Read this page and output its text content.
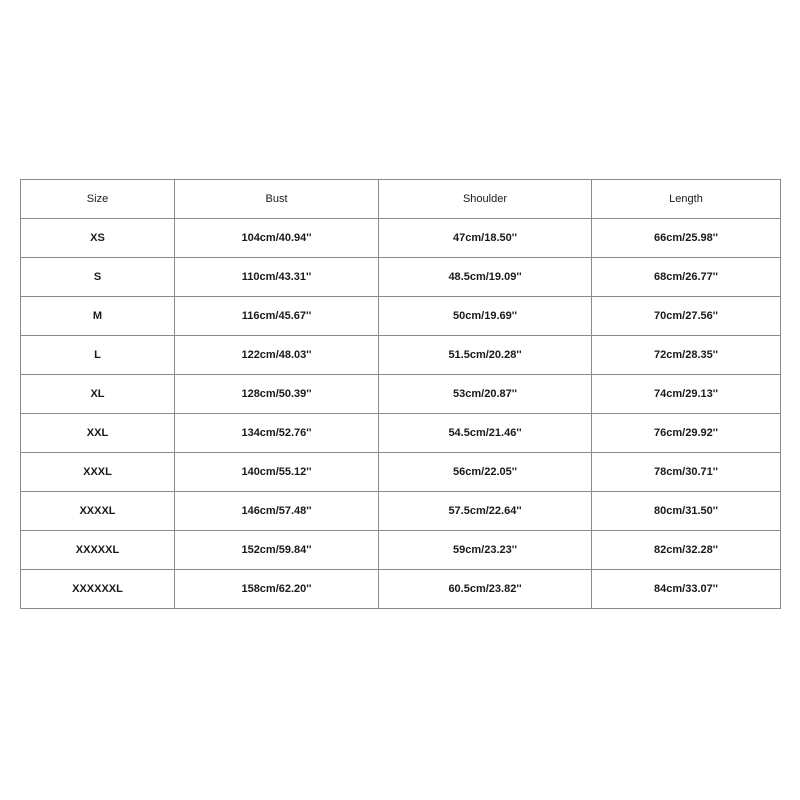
Size	Bust	Shoulder	Length
XS	104cm/40.94''	47cm/18.50''	66cm/25.98''
S	110cm/43.31''	48.5cm/19.09''	68cm/26.77''
M	116cm/45.67''	50cm/19.69''	70cm/27.56''
L	122cm/48.03''	51.5cm/20.28''	72cm/28.35''
XL	128cm/50.39''	53cm/20.87''	74cm/29.13''
XXL	134cm/52.76''	54.5cm/21.46''	76cm/29.92''
XXXL	140cm/55.12''	56cm/22.05''	78cm/30.71''
XXXXL	146cm/57.48''	57.5cm/22.64''	80cm/31.50''
XXXXXL	152cm/59.84''	59cm/23.23''	82cm/32.28''
XXXXXXL	158cm/62.20''	60.5cm/23.82''	84cm/33.07''
